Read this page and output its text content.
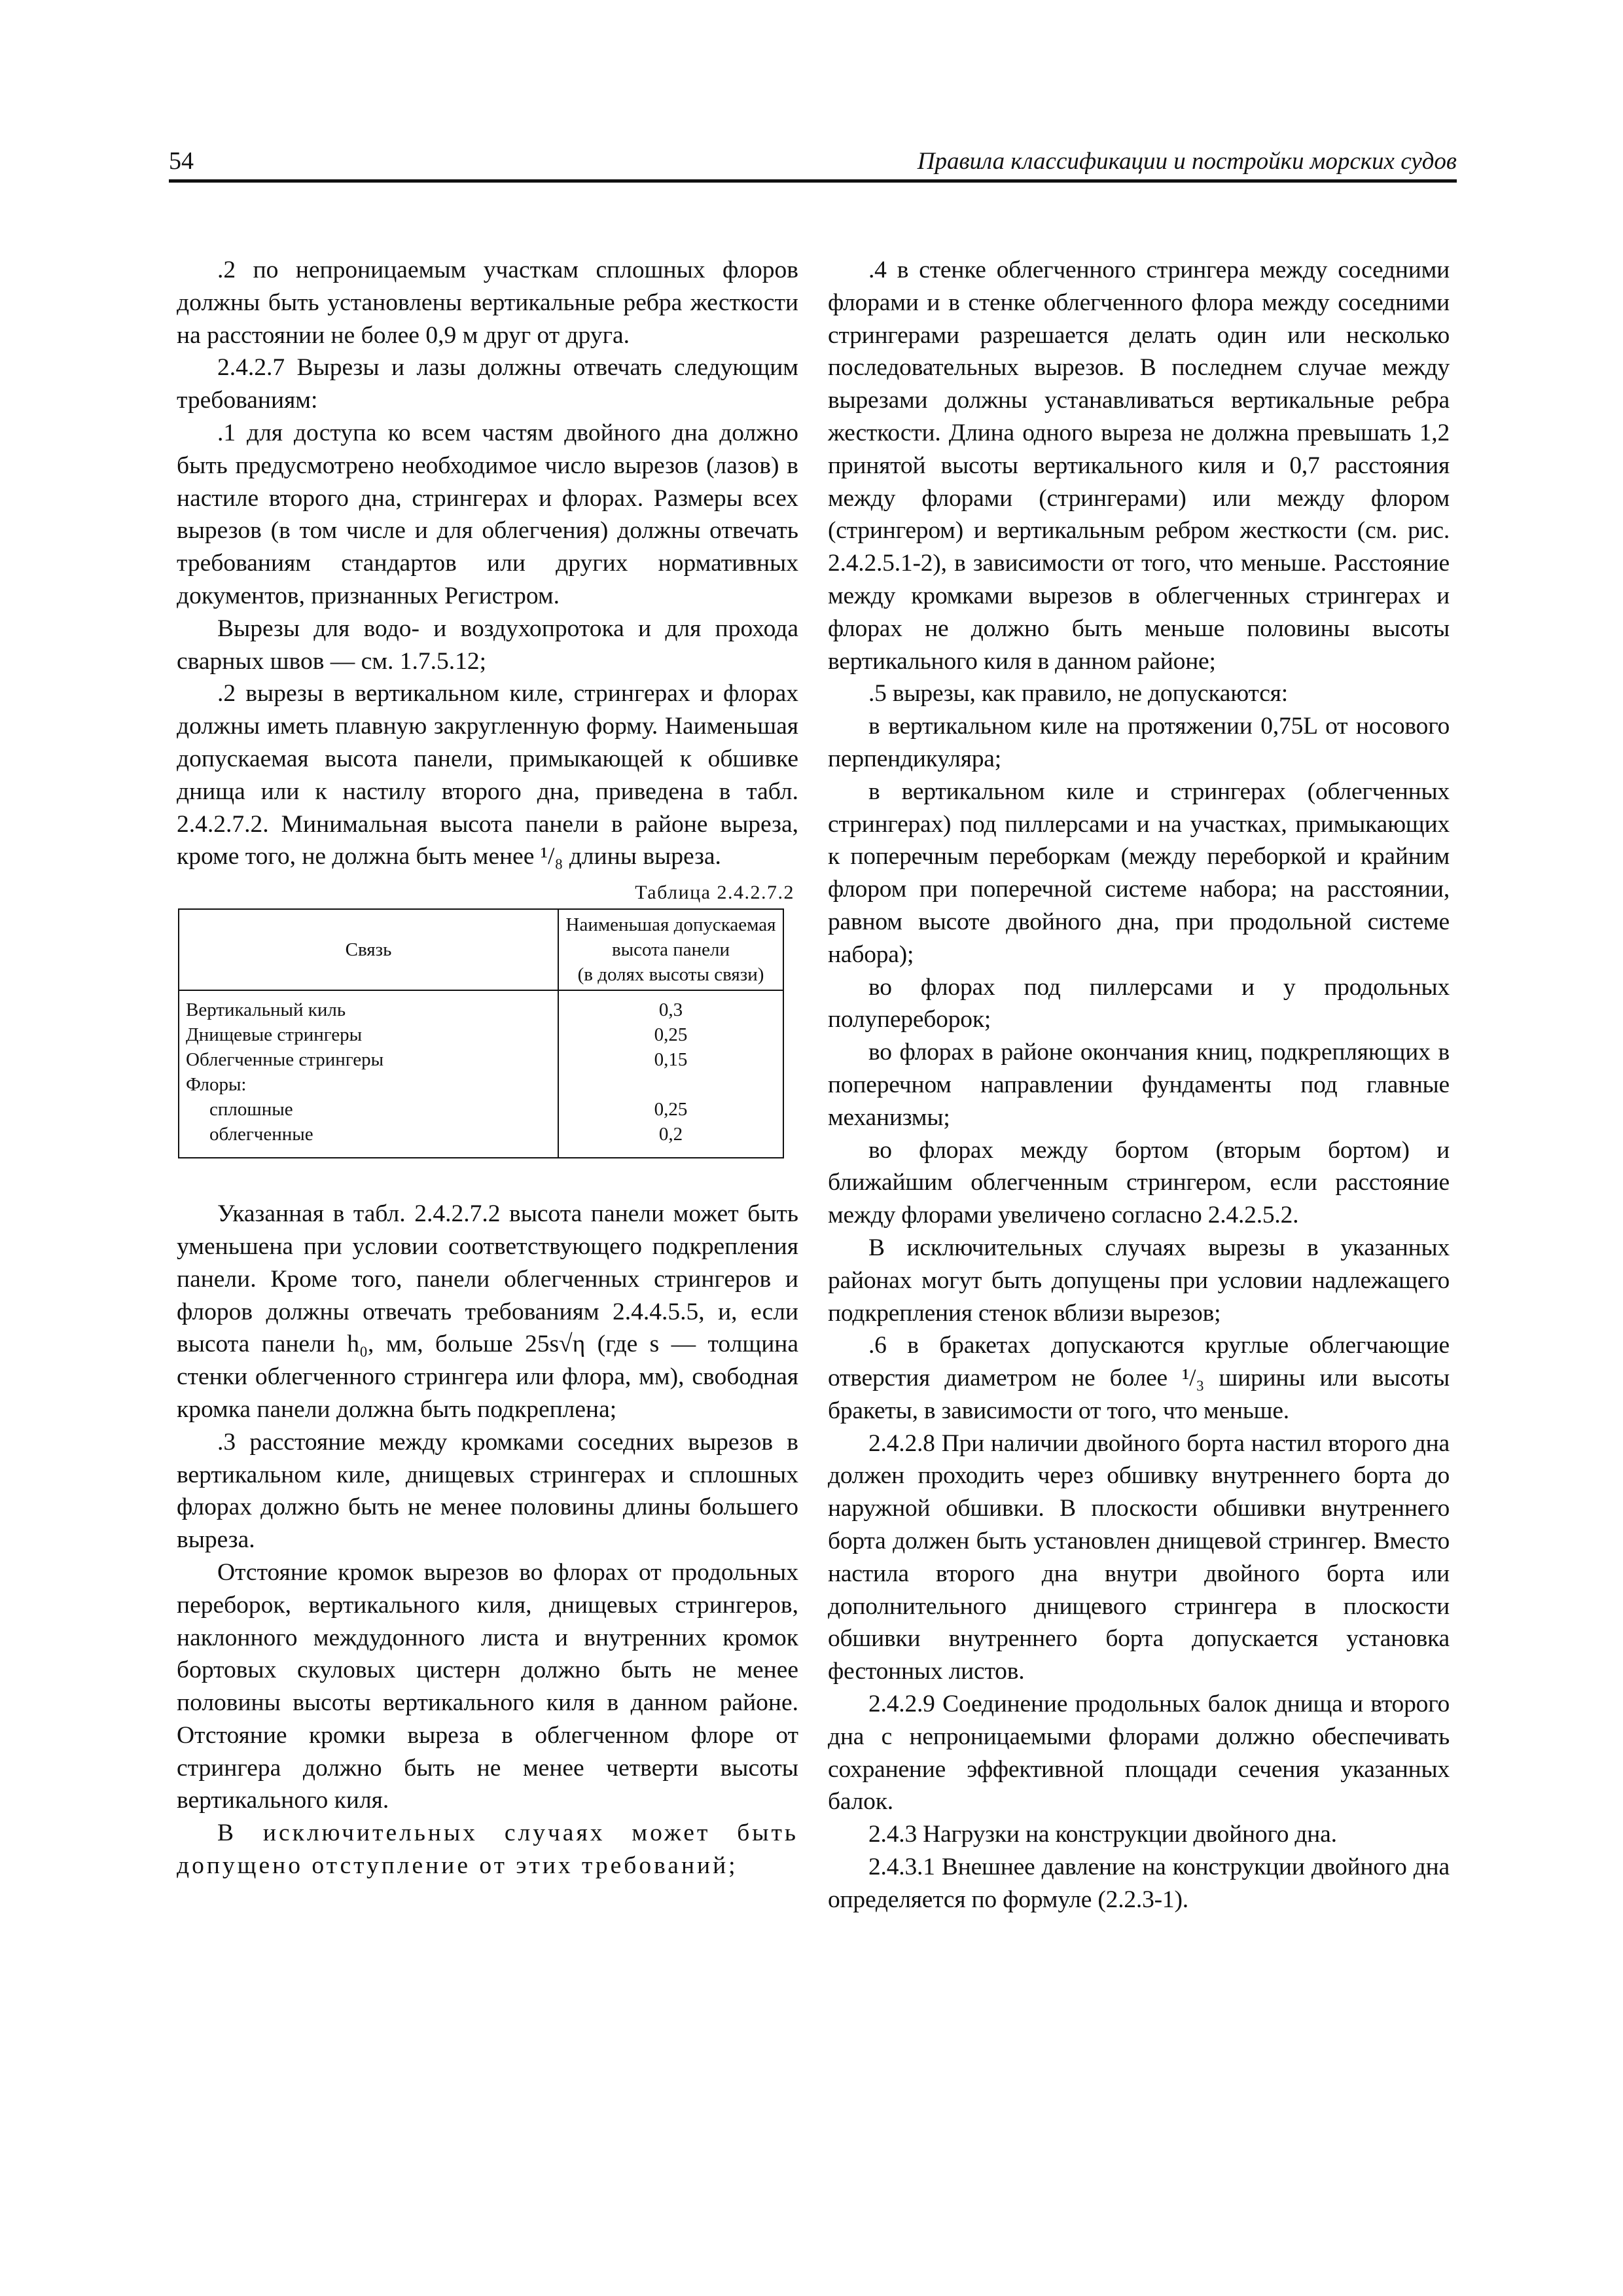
54	Правила классификации и постройки морских судов

.2 по непроницаемым участкам сплошных флоров должны быть установлены вертикальные ребра жесткости на расстоянии не более 0,9 м друг от друга.

2.4.2.7 Вырезы и лазы должны отвечать следующим требованиям:

.1 для доступа ко всем частям двойного дна должно быть предусмотрено необходимое число вырезов (лазов) в настиле второго дна, стрингерах и флорах. Размеры всех вырезов (в том числе и для облегчения) должны отвечать требованиям стандартов или других нормативных документов, признанных Регистром.

Вырезы для водо- и воздухопротока и для прохода сварных швов — см. 1.7.5.12;

.2 вырезы в вертикальном киле, стрингерах и флорах должны иметь плавную закругленную форму. Наименьшая допускаемая высота панели, примыкающей к обшивке днища или к настилу второго дна, приведена в табл. 2.4.2.7.2. Минимальная высота панели в районе выреза, кроме того, не должна быть менее ¹/₈ длины выреза.

Таблица 2.4.2.7.2
Связь	Наименьшая допускаемая
высота панели
(в долях высоты связи)

Вертикальный киль	0,3
Днищевые стрингеры	0,25
Облегченные стрингеры	0,15
Флоры:	
сплошные	0,25
облегченные	0,2

Указанная в табл. 2.4.2.7.2 высота панели может быть уменьшена при условии соответствующего подкрепления панели. Кроме того, панели облегченных стрингеров и флоров должны отвечать требованиям 2.4.4.5.5, и, если высота панели h₀, мм, больше 25s√η (где s — толщина стенки облегченного стрингера или флора, мм), свободная кромка панели должна быть подкреплена;

.3 расстояние между кромками соседних вырезов в вертикальном киле, днищевых стрингерах и сплошных флорах должно быть не менее половины длины большего выреза.

Отстояние кромок вырезов во флорах от продольных переборок, вертикального киля, днищевых стрингеров, наклонного междудонного листа и внутренних кромок бортовых скуловых цистерн должно быть не менее половины высоты вертикального киля в данном районе. Отстояние кромки выреза в облегченном флоре от стрингера должно быть не менее четверти высоты вертикального киля.

В исключительных случаях может быть допущено отступление от этих требований;

.4 в стенке облегченного стрингера между соседними флорами и в стенке облегченного флора между соседними стрингерами разрешается делать один или несколько последовательных вырезов. В последнем случае между вырезами должны устанавливаться вертикальные ребра жесткости. Длина одного выреза не должна превышать 1,2 принятой высоты вертикального киля и 0,7 расстояния между флорами (стрингерами) или между флором (стрингером) и вертикальным ребром жесткости (см. рис. 2.4.2.5.1-2), в зависимости от того, что меньше. Расстояние между кромками вырезов в облегченных стрингерах и флорах не должно быть меньше половины высоты вертикального киля в данном районе;

.5 вырезы, как правило, не допускаются:

в вертикальном киле на протяжении 0,75L от носового перпендикуляра;

в вертикальном киле и стрингерах (облегченных стрингерах) под пиллерсами и на участках, примыкающих к поперечным переборкам (между переборкой и крайним флором при поперечной системе набора; на расстоянии, равном высоте двойного дна, при продольной системе набора);

во флорах под пиллерсами и у продольных полупереборок;

во флорах в районе окончания книц, подкрепляющих в поперечном направлении фундаменты под главные механизмы;

во флорах между бортом (вторым бортом) и ближайшим облегченным стрингером, если расстояние между флорами увеличено согласно 2.4.2.5.2.

В исключительных случаях вырезы в указанных районах могут быть допущены при условии надлежащего подкрепления стенок вблизи вырезов;

.6 в бракетах допускаются круглые облегчающие отверстия диаметром не более ¹/₃ ширины или высоты бракеты, в зависимости от того, что меньше.

2.4.2.8 При наличии двойного борта настил второго дна должен проходить через обшивку внутреннего борта до наружной обшивки. В плоскости обшивки внутреннего борта должен быть установлен днищевой стрингер. Вместо настила второго дна внутри двойного борта или дополнительного днищевого стрингера в плоскости обшивки внутреннего борта допускается установка фестонных листов.

2.4.2.9 Соединение продольных балок днища и второго дна с непроницаемыми флорами должно обеспечивать сохранение эффективной площади сечения указанных балок.

2.4.3 Нагрузки на конструкции двойного дна.

2.4.3.1 Внешнее давление на конструкции двойного дна определяется по формуле (2.2.3-1).
